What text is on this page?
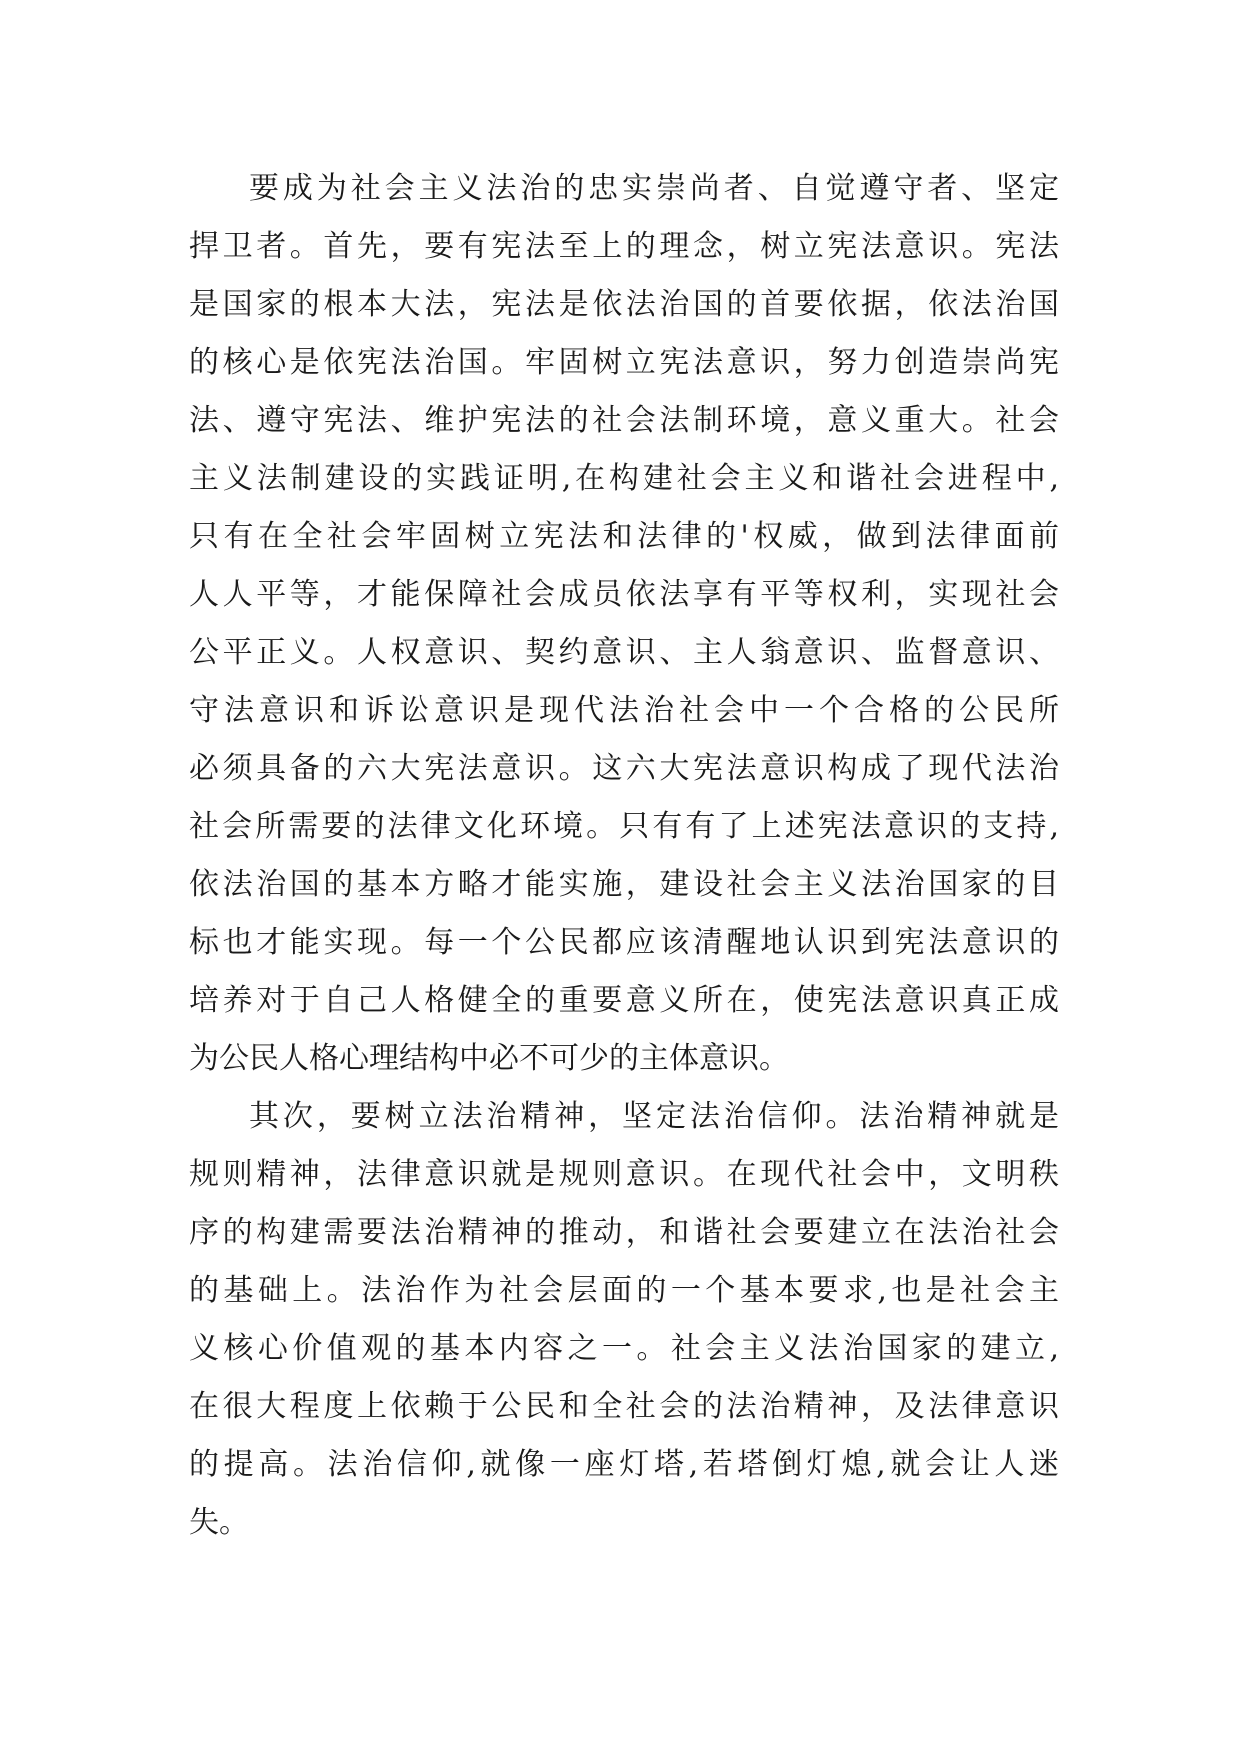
要成为社会主义法治的忠实崇尚者、自觉遵守者、坚定
捍卫者。首先，要有宪法至上的理念，树立宪法意识。宪法
是国家的根本大法，宪法是依法治国的首要依据，依法治国
的核心是依宪法治国。牢固树立宪法意识，努力创造崇尚宪
法、遵守宪法、维护宪法的社会法制环境，意义重大。社会
主义法制建设的实践证明,在构建社会主义和谐社会进程中,
只有在全社会牢固树立宪法和法律的'权威，做到法律面前
人人平等，才能保障社会成员依法享有平等权利，实现社会
公平正义。人权意识、契约意识、主人翁意识、监督意识、
守法意识和诉讼意识是现代法治社会中一个合格的公民所
必须具备的六大宪法意识。这六大宪法意识构成了现代法治
社会所需要的法律文化环境。只有有了上述宪法意识的支持,
依法治国的基本方略才能实施，建设社会主义法治国家的目
标也才能实现。每一个公民都应该清醒地认识到宪法意识的
培养对于自己人格健全的重要意义所在，使宪法意识真正成
为公民人格心理结构中必不可少的主体意识。
其次，要树立法治精神，坚定法治信仰。法治精神就是
规则精神，法律意识就是规则意识。在现代社会中，文明秩
序的构建需要法治精神的推动，和谐社会要建立在法治社会
的基础上。法治作为社会层面的一个基本要求,也是社会主
义核心价值观的基本内容之一。社会主义法治国家的建立,
在很大程度上依赖于公民和全社会的法治精神，及法律意识
的提高。法治信仰,就像一座灯塔,若塔倒灯熄,就会让人迷
失。
